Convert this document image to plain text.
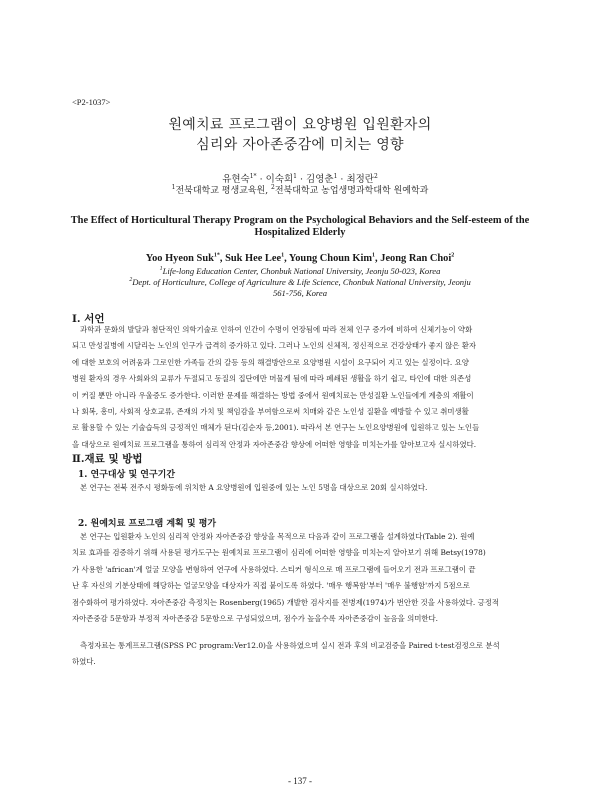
<P2-1037>
원예치료 프로그램이 요양병원 입원환자의
심리와 자아존중감에 미치는 영향
유현숙$^{1*}$ · 이숙희$^1$ · 김영춘$^1$ · 최정란$^2$
$^1$전북대학교 평생교육원, $^2$전북대학교 농업생명과학대학 원예학과
The Effect of Horticultural Therapy Program on the Psychological Behaviors and the Self-esteem of the
Hospitalized Elderly
Yoo Hyeon Suk$^{1*}$, Suk Hee Lee$^1$, Young Choun Kim$^1$, Jeong Ran Choi$^2$
$^1$Life-long Education Center, Chonbuk National University, Jeonju 50-023, Korea
$^2$Dept. of Horticulture, College of Agriculture & Life Science, Chonbuk National University, Jeonju
561-756, Korea
Ⅰ. 서언
과학과 문화의 발달과 첨단적인 의학기술로 인하여 인간이 수명이 연장됨에 따라 전체 인구 증가에 비하여 신체기능이 약화
되고 만성질병에 시달리는 노인의 인구가 급격히 증가하고 있다. 그러나 노인의 신체적, 정신적으로 건강상태가 좋지 않은 환자
에 대한 보호의 어려움과 그로인한 가족들 간의 갈등 등의 해결방안으로 요양병원 시설이 요구되어 지고 있는 실정이다. 요양
병원 환자의 경우 사회와의 교류가 두절되고 동질의 집단에만 머물게 됨에 따라 폐쇄된 생활을 하기 쉽고, 타인에 대한 의존성
이 커질 뿐만 아니라 우울증도 증가한다. 이러한 문제를 해결하는 방법 중에서 원예치료는 만성질환 노인들에게 계층의 재활이
나 회복, 흥미, 사회적 상호교류, 존재의 가치 및 책임감을 부여함으로써 치매와 같은 노인성 질환을 예방할 수 있고 취미생활
로 활용할 수 있는 기술습득의 긍정적인 매체가 된다(김순자 등,2001). 따라서 본 연구는 노인요양병원에 입원하고 있는 노인들
을 대상으로 원예치료 프로그램을 통하여 심리적 안정과 자아존중감 향상에 어떠한 영향을 미치는가를 알아보고자 실시하였다.
Ⅱ.재료 및 방법
1. 연구대상 및 연구기간
본 연구는 전북 전주시 평화동에 위치한 A 요양병원에 입원중에 있는 노인 5명을 대상으로 20회 실시하였다.
2. 원예치료 프로그램 계획 및 평가
본 연구는 입원환자 노인의 심리적 안정와 자아존중감 향상을 목적으로 다음과 같이 프로그램을 설계하였다(Table 2). 원예
치료 효과를 검증하기 위해 사용된 평가도구는 원예치료 프로그램이 심리에 어떠한 영향을 미치는지 알아보기 위해 Betsy(1978)
가 사용한 'african'계 얼굴 모양을 변형하여 연구에 사용하였다. 스티커 형식으로 매 프로그램에 들어오기 전과 프로그램이 끝
난 후 자신의 기분상태에 해당하는 얼굴모양을 대상자가 직접 붙이도록 하였다. '매우 행복함'부터 '매우 불행함'까지 5점으로
점수화하여 평가하였다. 자아존중감 측정치는 Rosenberg(1965) 개발한 검사지를 전병제(1974)가 번안한 것을 사용하였다. 긍정적
자아존중감 5문항과 부정적 자아존중감 5문항으로 구성되었으며, 점수가 높을수록 자아존중감이 높음을 의미한다.
측정자료는 통계프로그램(SPSS PC program:Ver12.0)을 사용하였으며 실시 전과 후의 비교검증을 Paired t-test검정으로 분석
하였다.
- 137 -
